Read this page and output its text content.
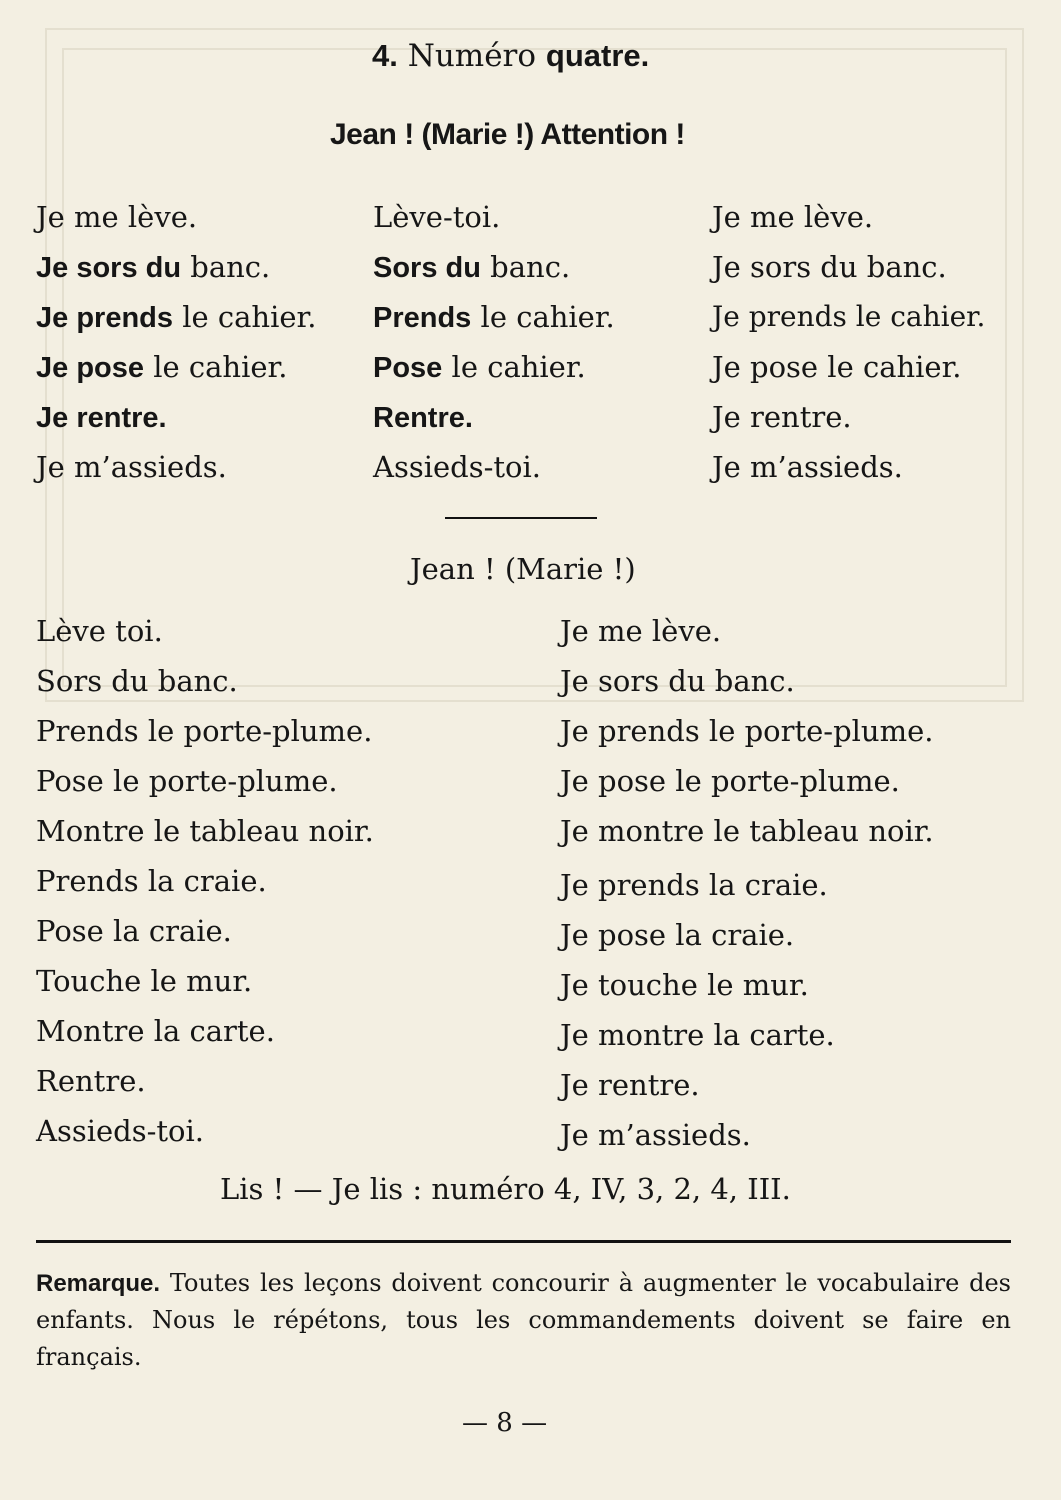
4. Numéro quatre.
Jean ! (Marie !) Attention !
Je me lève.
Je sors du banc.
Je prends le cahier.
Je pose le cahier.
Je rentre.
Je m’assieds.
Lève-toi.
Sors du banc.
Prends le cahier.
Pose le cahier.
Rentre.
Assieds-toi.
Je me lève.
Je sors du banc.
Je prends le cahier.
Je pose le cahier.
Je rentre.
Je m’assieds.
Jean ! (Marie !)
Lève toi.
Sors du banc.
Prends le porte-plume.
Pose le porte-plume.
Montre le tableau noir.
Prends la craie.
Pose la craie.
Touche le mur.
Montre la carte.
Rentre.
Assieds-toi.
Je me lève.
Je sors du banc.
Je prends le porte-plume.
Je pose le porte-plume.
Je montre le tableau noir.
Je prends la craie.
Je pose la craie.
Je touche le mur.
Je montre la carte.
Je rentre.
Je m’assieds.
Lis ! — Je lis : numéro 4, IV, 3, 2, 4, III.
Remarque. Toutes les leçons doivent concourir à augmenter le vocabulaire des enfants. Nous le répétons, tous les commandements doivent se faire en français.
— 8 —
